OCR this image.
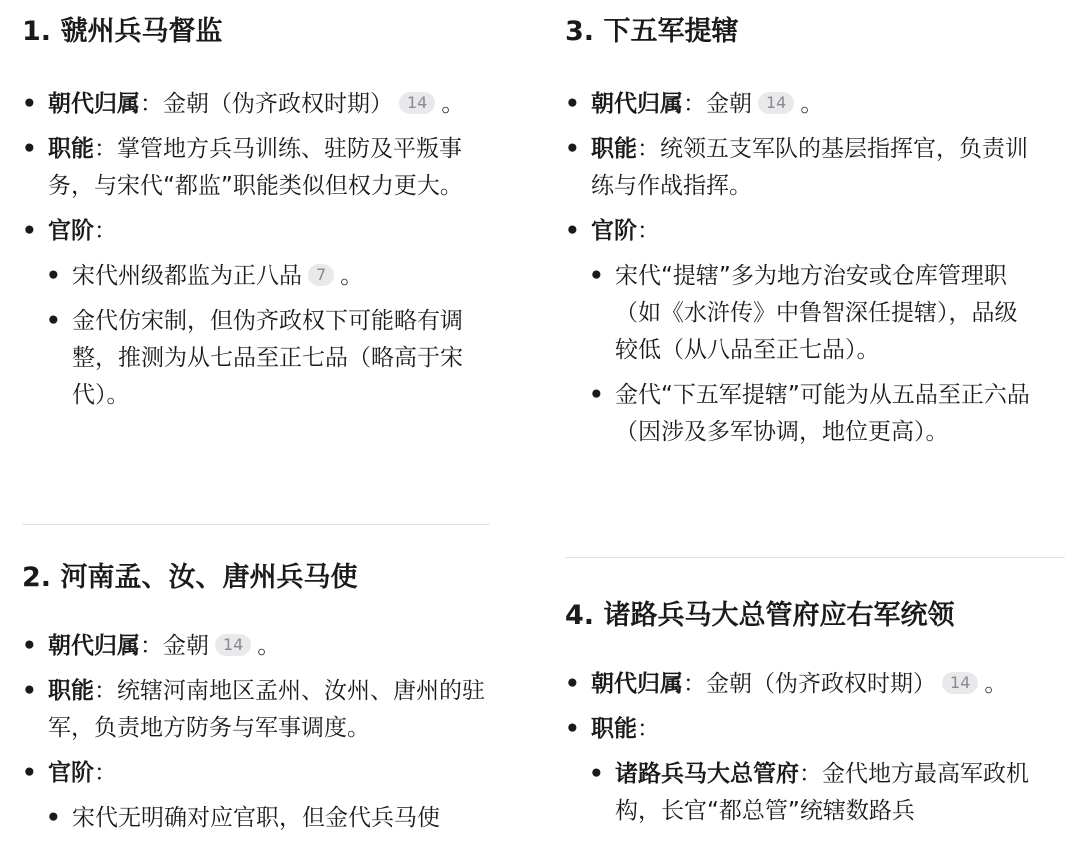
1. 虢州兵马督监
• 朝代归属：金朝（伪齐政权时期） 14 。
• 职能：掌管地方兵马训练、驻防及平叛事务，与宋代“都监”职能类似但权力更大。
• 官阶：
• 宋代州级都监为正八品 7 。
• 金代仿宋制，但伪齐政权下可能略有调整，推测为从七品至正七品（略高于宋代）。
2. 河南孟、汝、唐州兵马使
• 朝代归属：金朝 14 。
• 职能：统辖河南地区孟州、汝州、唐州的驻军，负责地方防务与军事调度。
• 官阶：
• 宋代无明确对应官职，但金代兵马使
3. 下五军提辖
• 朝代归属：金朝 14 。
• 职能：统领五支军队的基层指挥官，负责训练与作战指挥。
• 官阶：
• 宋代“提辖”多为地方治安或仓库管理职（如《水浒传》中鲁智深任提辖），品级较低（从八品至正七品）。
• 金代“下五军提辖”可能为从五品至正六品（因涉及多军协调，地位更高）。
4. 诸路兵马大总管府应右军统领
• 朝代归属：金朝（伪齐政权时期） 14 。
• 职能：
• 诸路兵马大总管府：金代地方最高军政机构，长官“都总管”统辖数路兵
